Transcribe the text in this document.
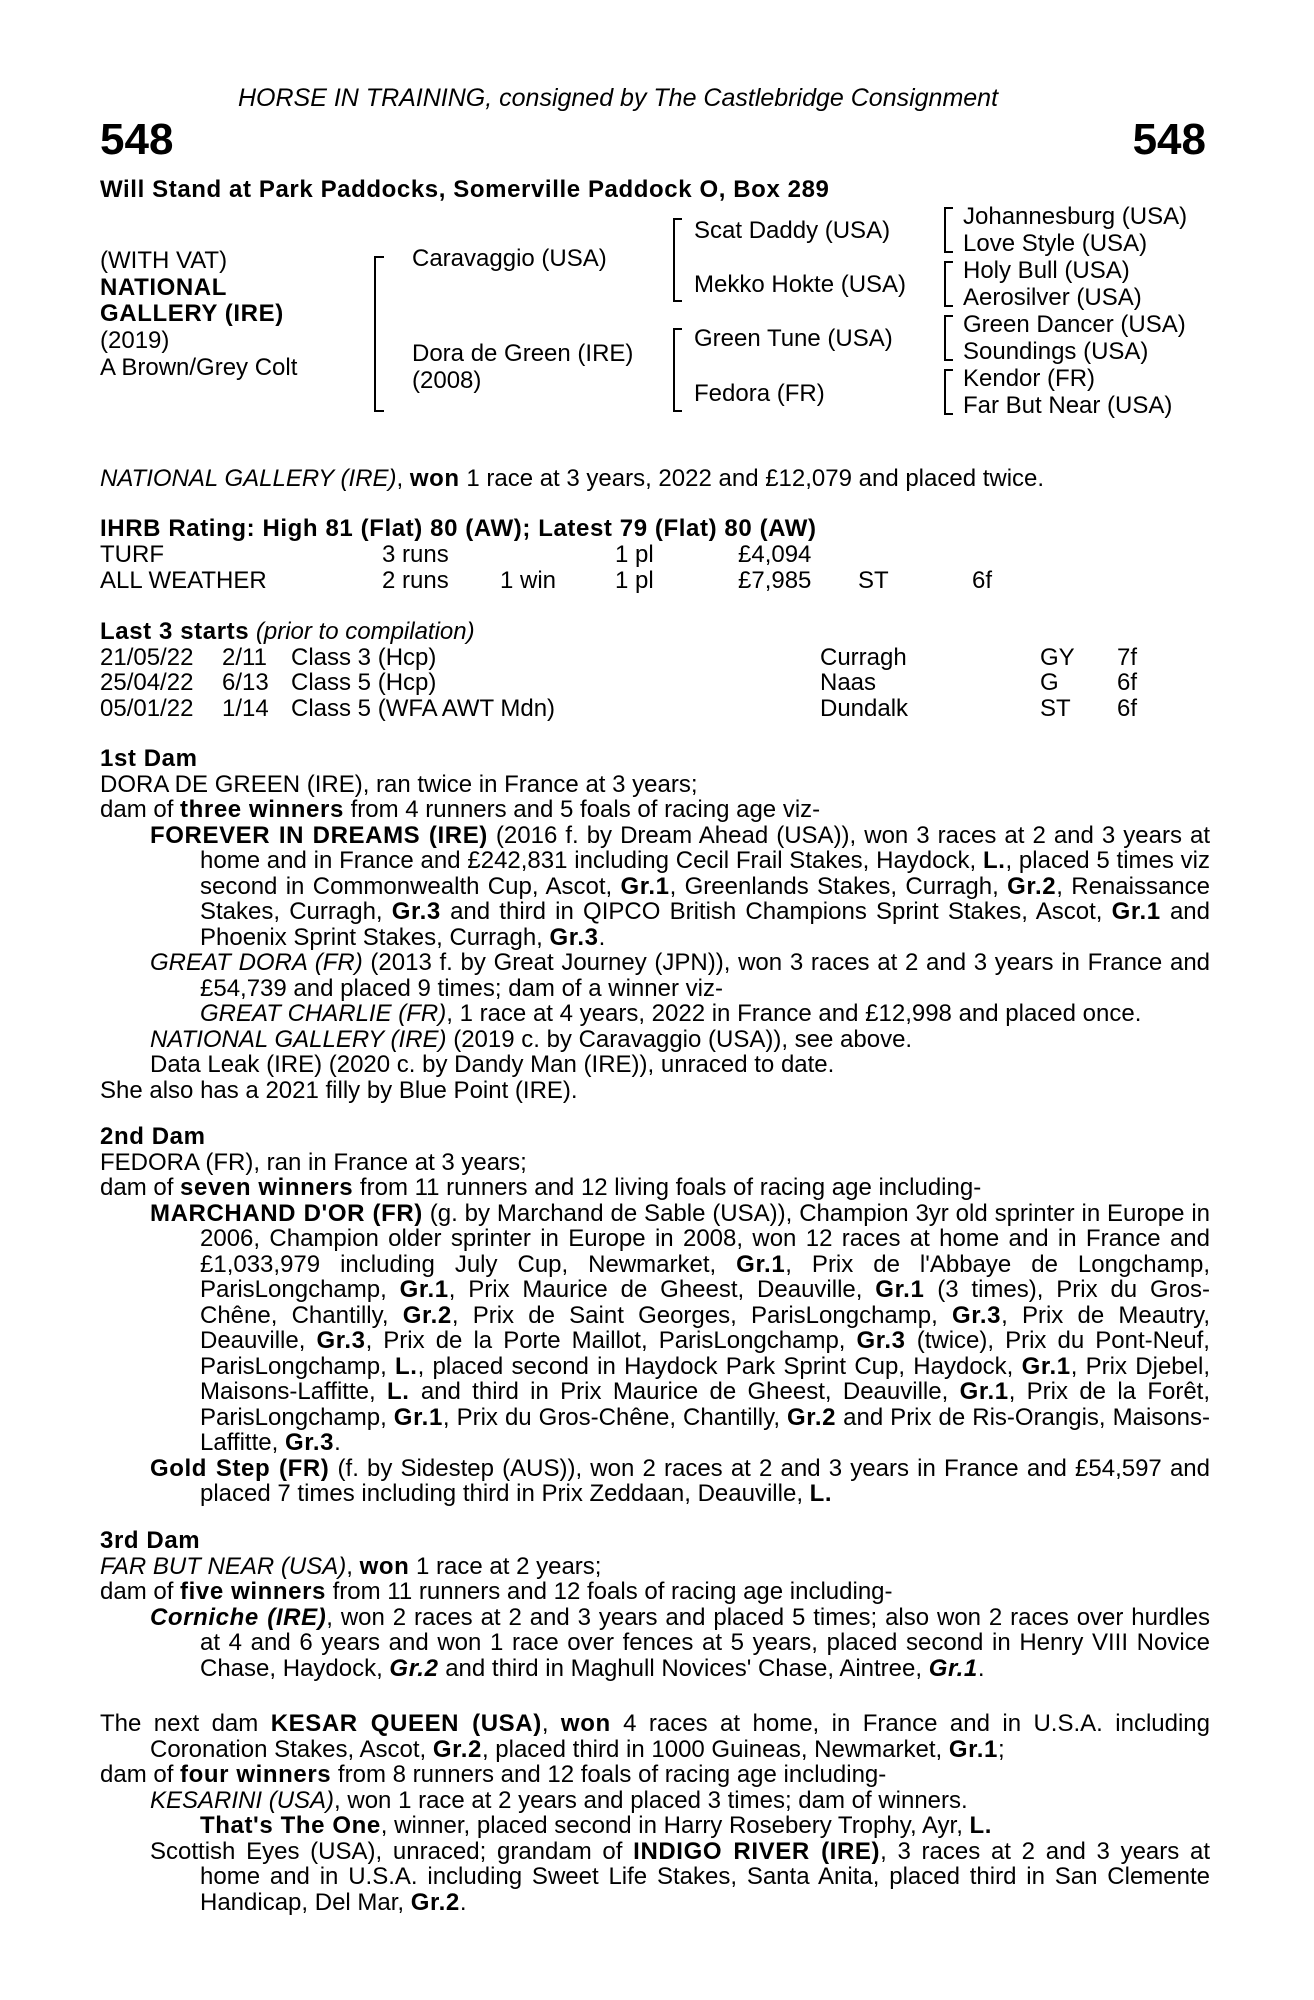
HORSE IN TRAINING, consigned by The Castlebridge Consignment
548	548
Will Stand at Park Paddocks, Somerville Paddock O, Box 289
(WITH VAT)
NATIONAL
GALLERY (IRE)
(2019)
A Brown/Grey Colt
Caravaggio (USA)
Dora de Green (IRE)
(2008)
Scat Daddy (USA)
Mekko Hokte (USA)
Green Tune (USA)
Fedora (FR)
Johannesburg (USA)
Love Style (USA)
Holy Bull (USA)
Aerosilver (USA)
Green Dancer (USA)
Soundings (USA)
Kendor (FR)
Far But Near (USA)
NATIONAL GALLERY (IRE), won 1 race at 3 years, 2022 and £12,079 and placed twice.
IHRB Rating: High 81 (Flat) 80 (AW); Latest 79 (Flat) 80 (AW)
TURF	3 runs	1 pl	£4,094
ALL WEATHER	2 runs 1 win 1 pl	£7,985 ST	6f
Last 3 starts (prior to compilation)
21/05/22 2/11 Class 3 (Hcp)	Curragh	GY 7f
25/04/22 6/13 Class 5 (Hcp)	Naas	G 6f
05/01/22 1/14 Class 5 (WFA AWT Mdn)	Dundalk	ST 6f
1st Dam
DORA DE GREEN (IRE), ran twice in France at 3 years;
dam of three winners from 4 runners and 5 foals of racing age viz-
FOREVER IN DREAMS (IRE) (2016 f. by Dream Ahead (USA)), won 3 races at 2 and 3 years at home and in France and £242,831 including Cecil Frail Stakes, Haydock, L., placed 5 times viz second in Commonwealth Cup, Ascot, Gr.1, Greenlands Stakes, Curragh, Gr.2, Renaissance Stakes, Curragh, Gr.3 and third in QIPCO British Champions Sprint Stakes, Ascot, Gr.1 and Phoenix Sprint Stakes, Curragh, Gr.3.
GREAT DORA (FR) (2013 f. by Great Journey (JPN)), won 3 races at 2 and 3 years in France and £54,739 and placed 9 times; dam of a winner viz-
GREAT CHARLIE (FR), 1 race at 4 years, 2022 in France and £12,998 and placed once.
NATIONAL GALLERY (IRE) (2019 c. by Caravaggio (USA)), see above.
Data Leak (IRE) (2020 c. by Dandy Man (IRE)), unraced to date.
She also has a 2021 filly by Blue Point (IRE).
2nd Dam
FEDORA (FR), ran in France at 3 years;
dam of seven winners from 11 runners and 12 living foals of racing age including-
MARCHAND D'OR (FR) (g. by Marchand de Sable (USA)), Champion 3yr old sprinter in Europe in 2006, Champion older sprinter in Europe in 2008, won 12 races at home and in France and £1,033,979 including July Cup, Newmarket, Gr.1, Prix de l'Abbaye de Longchamp, ParisLongchamp, Gr.1, Prix Maurice de Gheest, Deauville, Gr.1 (3 times), Prix du Gros-Chêne, Chantilly, Gr.2, Prix de Saint Georges, ParisLongchamp, Gr.3, Prix de Meautry, Deauville, Gr.3, Prix de la Porte Maillot, ParisLongchamp, Gr.3 (twice), Prix du Pont-Neuf, ParisLongchamp, L., placed second in Haydock Park Sprint Cup, Haydock, Gr.1, Prix Djebel, Maisons-Laffitte, L. and third in Prix Maurice de Gheest, Deauville, Gr.1, Prix de la Forêt, ParisLongchamp, Gr.1, Prix du Gros-Chêne, Chantilly, Gr.2 and Prix de Ris-Orangis, Maisons-Laffitte, Gr.3.
Gold Step (FR) (f. by Sidestep (AUS)), won 2 races at 2 and 3 years in France and £54,597 and placed 7 times including third in Prix Zeddaan, Deauville, L.
3rd Dam
FAR BUT NEAR (USA), won 1 race at 2 years;
dam of five winners from 11 runners and 12 foals of racing age including-
Corniche (IRE), won 2 races at 2 and 3 years and placed 5 times; also won 2 races over hurdles at 4 and 6 years and won 1 race over fences at 5 years, placed second in Henry VIII Novice Chase, Haydock, Gr.2 and third in Maghull Novices' Chase, Aintree, Gr.1.
The next dam KESAR QUEEN (USA), won 4 races at home, in France and in U.S.A. including Coronation Stakes, Ascot, Gr.2, placed third in 1000 Guineas, Newmarket, Gr.1;
dam of four winners from 8 runners and 12 foals of racing age including-
KESARINI (USA), won 1 race at 2 years and placed 3 times; dam of winners.
That's The One, winner, placed second in Harry Rosebery Trophy, Ayr, L.
Scottish Eyes (USA), unraced; grandam of INDIGO RIVER (IRE), 3 races at 2 and 3 years at home and in U.S.A. including Sweet Life Stakes, Santa Anita, placed third in San Clemente Handicap, Del Mar, Gr.2.
